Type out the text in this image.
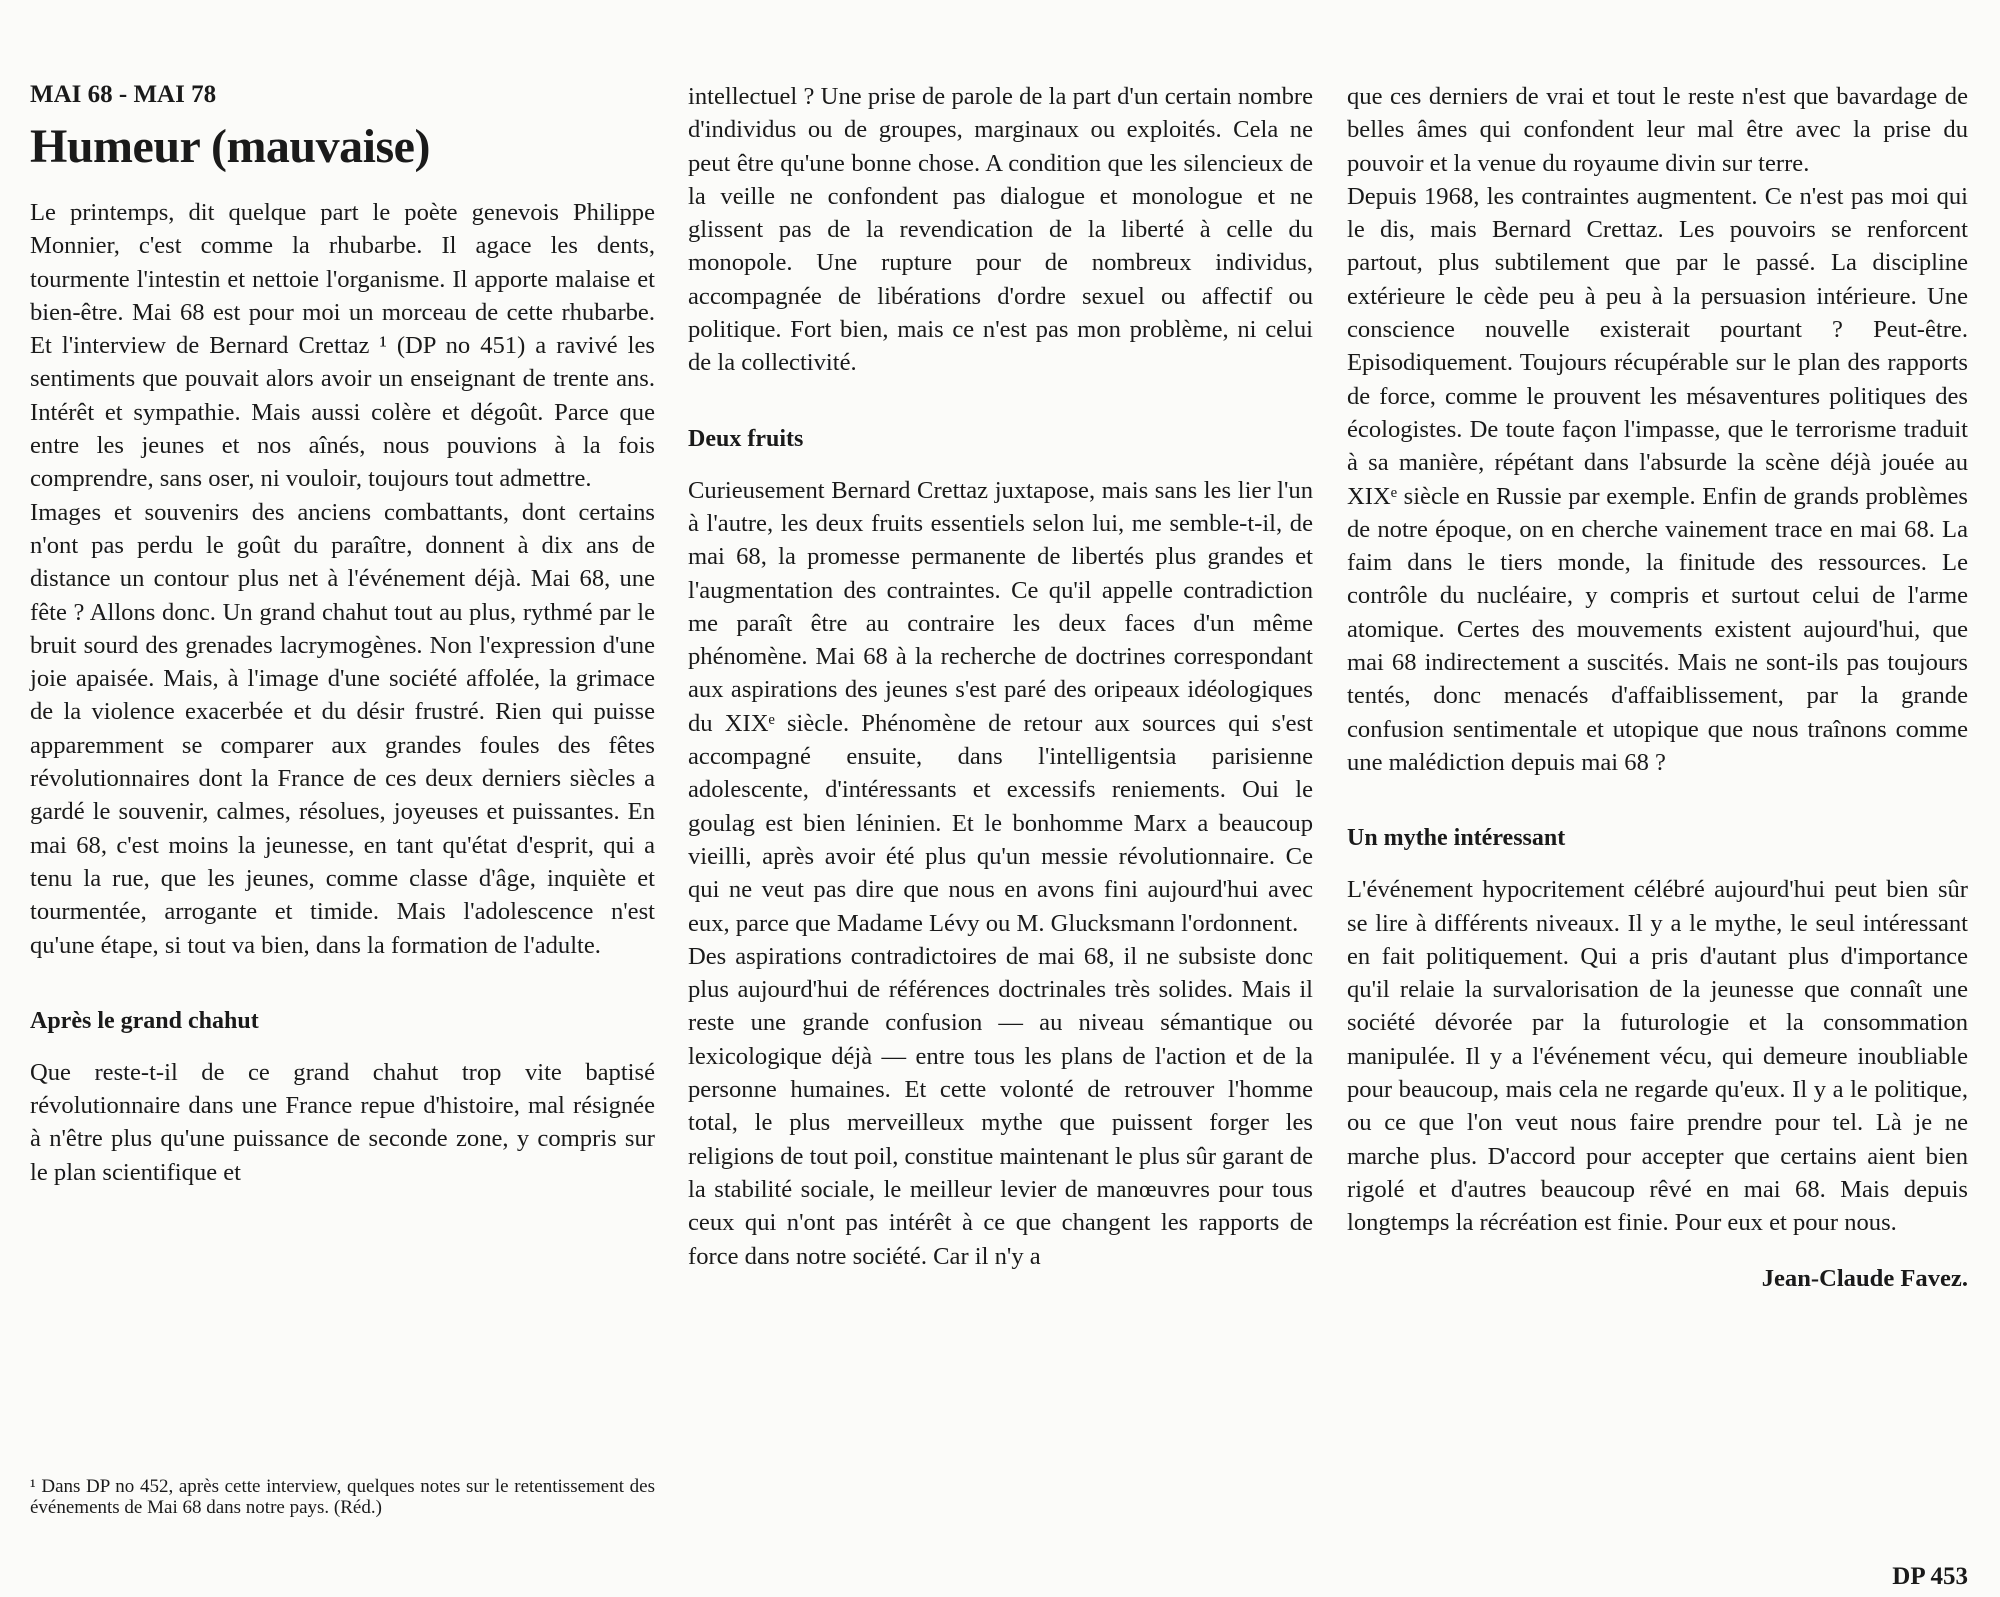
MAI 68 - MAI 78
Humeur (mauvaise)

Le printemps, dit quelque part le poète genevois Philippe Monnier, c'est comme la rhubarbe. Il agace les dents, tourmente l'intestin et nettoie l'organisme. Il apporte malaise et bien-être. Mai 68 est pour moi un morceau de cette rhubarbe. Et l'interview de Bernard Crettaz ¹ (DP no 451) a ravivé les sentiments que pouvait alors avoir un enseignant de trente ans. Intérêt et sympathie. Mais aussi colère et dégoût. Parce que entre les jeunes et nos aînés, nous pouvions à la fois comprendre, sans oser, ni vouloir, toujours tout admettre.

Images et souvenirs des anciens combattants, dont certains n'ont pas perdu le goût du paraître, donnent à dix ans de distance un contour plus net à l'événement déjà. Mai 68, une fête ? Allons donc. Un grand chahut tout au plus, rythmé par le bruit sourd des grenades lacrymogènes. Non l'expression d'une joie apaisée. Mais, à l'image d'une société affolée, la grimace de la violence exacerbée et du désir frustré. Rien qui puisse apparemment se comparer aux grandes foules des fêtes révolutionnaires dont la France de ces deux derniers siècles a gardé le souvenir, calmes, résolues, joyeuses et puissantes. En mai 68, c'est moins la jeunesse, en tant qu'état d'esprit, qui a tenu la rue, que les jeunes, comme classe d'âge, inquiète et tourmentée, arrogante et timide. Mais l'adolescence n'est qu'une étape, si tout va bien, dans la formation de l'adulte.

Après le grand chahut

Que reste-t-il de ce grand chahut trop vite baptisé révolutionnaire dans une France repue d'histoire, mal résignée à n'être plus qu'une puissance de seconde zone, y compris sur le plan scientifique et

¹ Dans DP no 452, après cette interview, quelques notes sur le retentissement des événements de Mai 68 dans notre pays. (Réd.)

intellectuel ? Une prise de parole de la part d'un certain nombre d'individus ou de groupes, marginaux ou exploités. Cela ne peut être qu'une bonne chose. A condition que les silencieux de la veille ne confondent pas dialogue et monologue et ne glissent pas de la revendication de la liberté à celle du monopole. Une rupture pour de nombreux individus, accompagnée de libérations d'ordre sexuel ou affectif ou politique. Fort bien, mais ce n'est pas mon problème, ni celui de la collectivité.

Deux fruits

Curieusement Bernard Crettaz juxtapose, mais sans les lier l'un à l'autre, les deux fruits essentiels selon lui, me semble-t-il, de mai 68, la promesse permanente de libertés plus grandes et l'augmentation des contraintes. Ce qu'il appelle contradiction me paraît être au contraire les deux faces d'un même phénomène. Mai 68 à la recherche de doctrines correspondant aux aspirations des jeunes s'est paré des oripeaux idéologiques du XIXᵉ siècle. Phénomène de retour aux sources qui s'est accompagné ensuite, dans l'intelligentsia parisienne adolescente, d'intéressants et excessifs reniements. Oui le goulag est bien léninien. Et le bonhomme Marx a beaucoup vieilli, après avoir été plus qu'un messie révolutionnaire. Ce qui ne veut pas dire que nous en avons fini aujourd'hui avec eux, parce que Madame Lévy ou M. Glucksmann l'ordonnent.

Des aspirations contradictoires de mai 68, il ne subsiste donc plus aujourd'hui de références doctrinales très solides. Mais il reste une grande confusion — au niveau sémantique ou lexicologique déjà — entre tous les plans de l'action et de la personne humaines. Et cette volonté de retrouver l'homme total, le plus merveilleux mythe que puissent forger les religions de tout poil, constitue maintenant le plus sûr garant de la stabilité sociale, le meilleur levier de manœuvres pour tous ceux qui n'ont pas intérêt à ce que changent les rapports de force dans notre société. Car il n'y a

que ces derniers de vrai et tout le reste n'est que bavardage de belles âmes qui confondent leur mal être avec la prise du pouvoir et la venue du royaume divin sur terre.

Depuis 1968, les contraintes augmentent. Ce n'est pas moi qui le dis, mais Bernard Crettaz. Les pouvoirs se renforcent partout, plus subtilement que par le passé. La discipline extérieure le cède peu à peu à la persuasion intérieure. Une conscience nouvelle existerait pourtant ? Peut-être. Episodiquement. Toujours récupérable sur le plan des rapports de force, comme le prouvent les mésaventures politiques des écologistes. De toute façon l'impasse, que le terrorisme traduit à sa manière, répétant dans l'absurde la scène déjà jouée au XIXᵉ siècle en Russie par exemple. Enfin de grands problèmes de notre époque, on en cherche vainement trace en mai 68. La faim dans le tiers monde, la finitude des ressources. Le contrôle du nucléaire, y compris et surtout celui de l'arme atomique. Certes des mouvements existent aujourd'hui, que mai 68 indirectement a suscités. Mais ne sont-ils pas toujours tentés, donc menacés d'affaiblissement, par la grande confusion sentimentale et utopique que nous traînons comme une malédiction depuis mai 68 ?

Un mythe intéressant

L'événement hypocritement célébré aujourd'hui peut bien sûr se lire à différents niveaux. Il y a le mythe, le seul intéressant en fait politiquement. Qui a pris d'autant plus d'importance qu'il relaie la survalorisation de la jeunesse que connaît une société dévorée par la futurologie et la consommation manipulée. Il y a l'événement vécu, qui demeure inoubliable pour beaucoup, mais cela ne regarde qu'eux. Il y a le politique, ou ce que l'on veut nous faire prendre pour tel. Là je ne marche plus. D'accord pour accepter que certains aient bien rigolé et d'autres beaucoup rêvé en mai 68. Mais depuis longtemps la récréation est finie. Pour eux et pour nous.

Jean-Claude Favez.
DP 453
